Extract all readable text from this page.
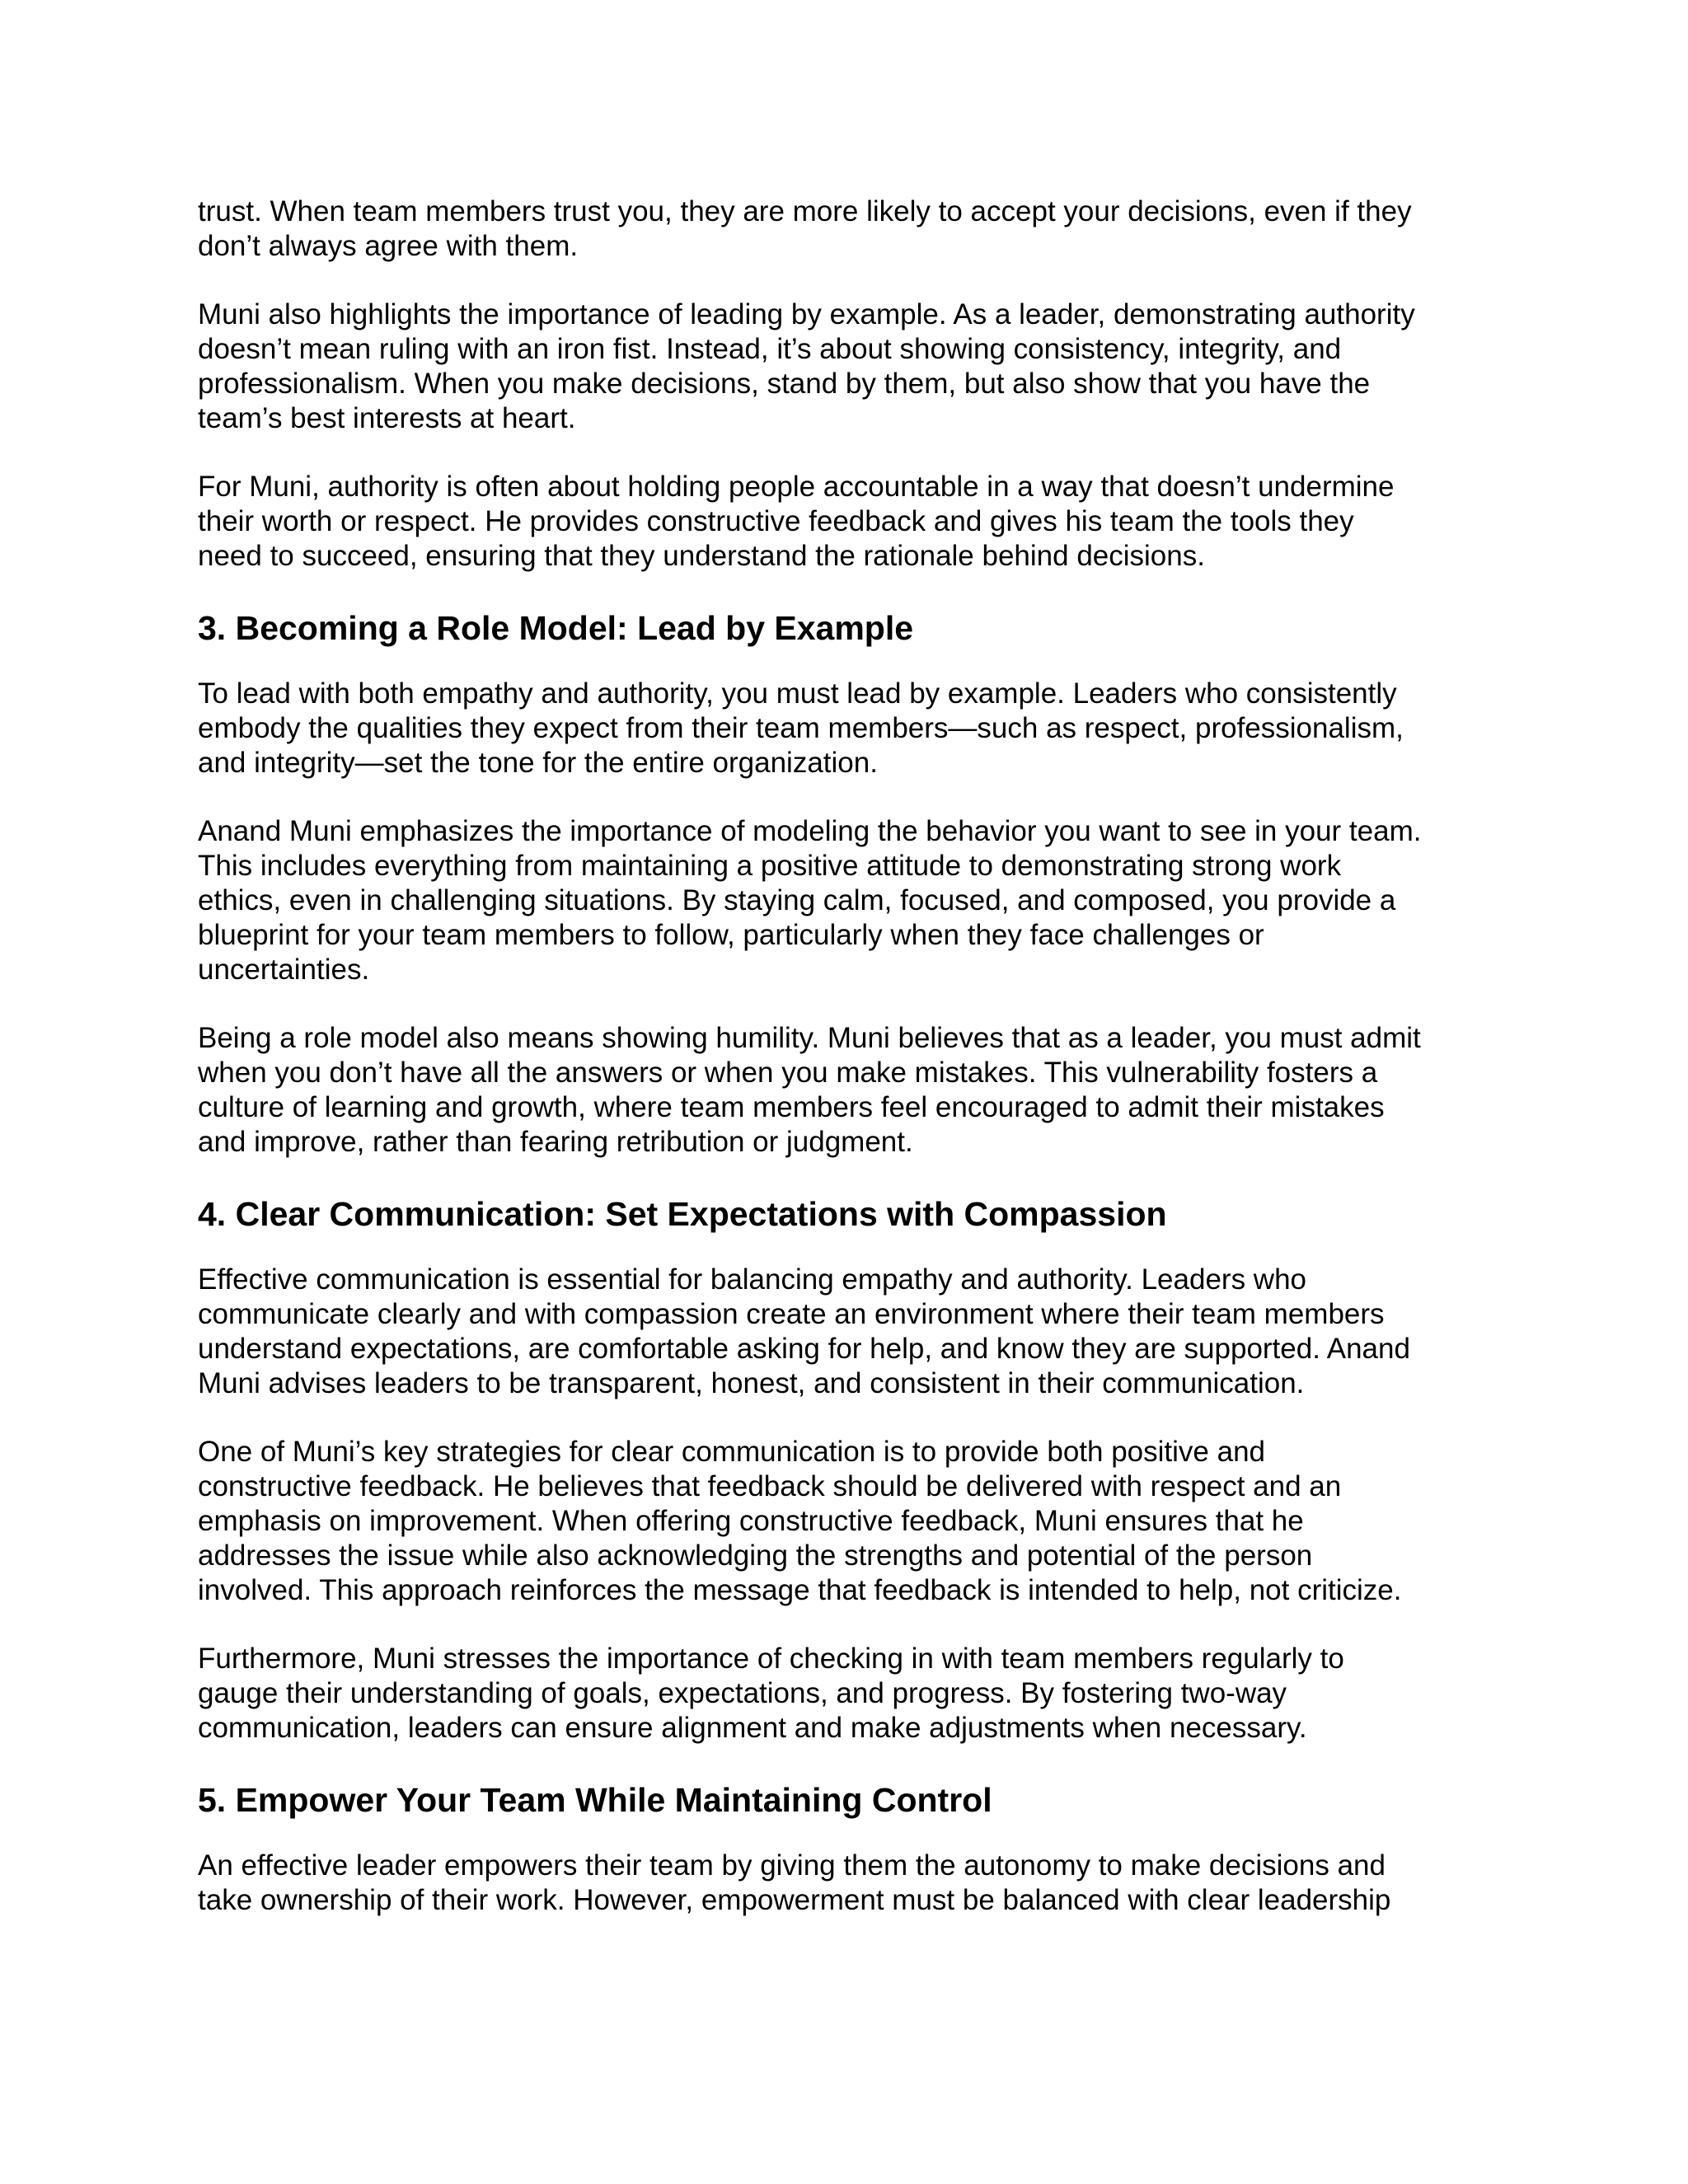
trust. When team members trust you, they are more likely to accept your decisions, even if they
don’t always agree with them.

Muni also highlights the importance of leading by example. As a leader, demonstrating authority
doesn’t mean ruling with an iron fist. Instead, it’s about showing consistency, integrity, and
professionalism. When you make decisions, stand by them, but also show that you have the
team’s best interests at heart.

For Muni, authority is often about holding people accountable in a way that doesn’t undermine
their worth or respect. He provides constructive feedback and gives his team the tools they
need to succeed, ensuring that they understand the rationale behind decisions.

3. Becoming a Role Model: Lead by Example

To lead with both empathy and authority, you must lead by example. Leaders who consistently
embody the qualities they expect from their team members—such as respect, professionalism,
and integrity—set the tone for the entire organization.

Anand Muni emphasizes the importance of modeling the behavior you want to see in your team.
This includes everything from maintaining a positive attitude to demonstrating strong work
ethics, even in challenging situations. By staying calm, focused, and composed, you provide a
blueprint for your team members to follow, particularly when they face challenges or
uncertainties.

Being a role model also means showing humility. Muni believes that as a leader, you must admit
when you don’t have all the answers or when you make mistakes. This vulnerability fosters a
culture of learning and growth, where team members feel encouraged to admit their mistakes
and improve, rather than fearing retribution or judgment.

4. Clear Communication: Set Expectations with Compassion

Effective communication is essential for balancing empathy and authority. Leaders who
communicate clearly and with compassion create an environment where their team members
understand expectations, are comfortable asking for help, and know they are supported. Anand
Muni advises leaders to be transparent, honest, and consistent in their communication.

One of Muni’s key strategies for clear communication is to provide both positive and
constructive feedback. He believes that feedback should be delivered with respect and an
emphasis on improvement. When offering constructive feedback, Muni ensures that he
addresses the issue while also acknowledging the strengths and potential of the person
involved. This approach reinforces the message that feedback is intended to help, not criticize.

Furthermore, Muni stresses the importance of checking in with team members regularly to
gauge their understanding of goals, expectations, and progress. By fostering two-way
communication, leaders can ensure alignment and make adjustments when necessary.

5. Empower Your Team While Maintaining Control

An effective leader empowers their team by giving them the autonomy to make decisions and
take ownership of their work. However, empowerment must be balanced with clear leadership
